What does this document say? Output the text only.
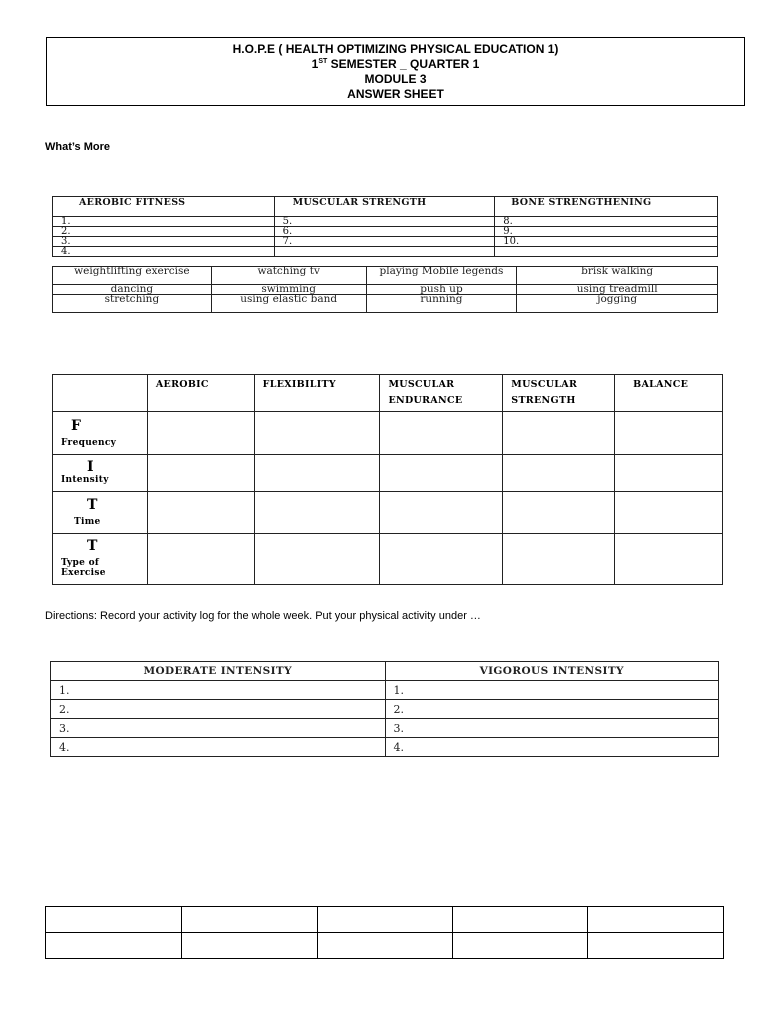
H.O.P.E ( HEALTH OPTIMIZING PHYSICAL EDUCATION 1)
1ST SEMESTER _ QUARTER 1
MODULE 3
ANSWER SHEET
What’s More
AEROBIC FITNESS	MUSCULAR STRENGTH	BONE STRENGTHENING
1.	5.	8.
2.	6.	9.
3.	7.	10.
4.		
weightlifting exercise	watching tv	playing Mobile legends	brisk walking
dancing	swimming	push up	using treadmill
stretching	using elastic band	running	jogging
	AEROBIC	FLEXIBILITY	MUSCULAR ENDURANCE	MUSCULAR STRENGTH	BALANCE

F
Frequency					

I
Intensity					

T
Time					

T
Type of Exercise					

Directions: Record your activity log for the whole week. Put your physical activity under …
MODERATE INTENSITY	VIGOROUS INTENSITY
1.	1.
2.	2.
3.	3.
4.	4.
